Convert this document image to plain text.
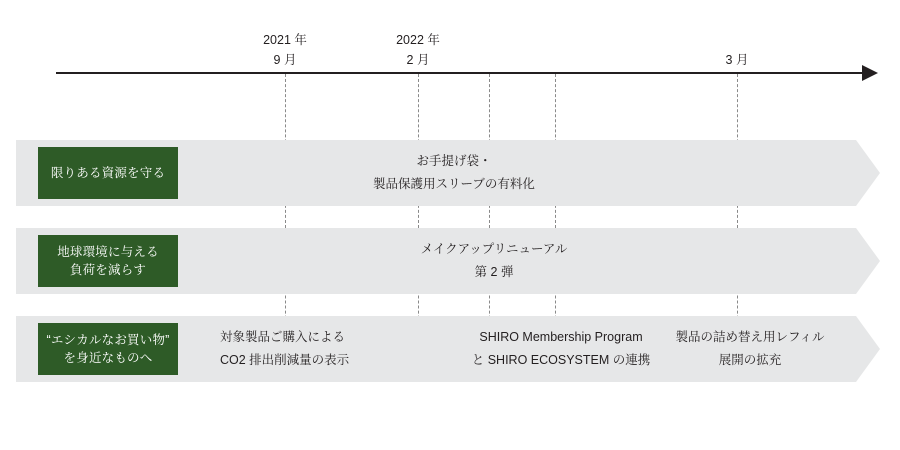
2021 年
9 月
2022 年
2 月	3 月
限りある資源を守る
お手提げ袋・
製品保護用スリーブの有料化
地球環境に与える
負荷を減らす
メイクアップリニューアル
第 2 弾
“エシカルなお買い物”
を身近なものへ
対象製品ご購入による
CO2 排出削減量の表示
SHIRO Membership Program
と SHIRO ECOSYSTEM の連携
製品の詰め替え用レフィル
展開の拡充
